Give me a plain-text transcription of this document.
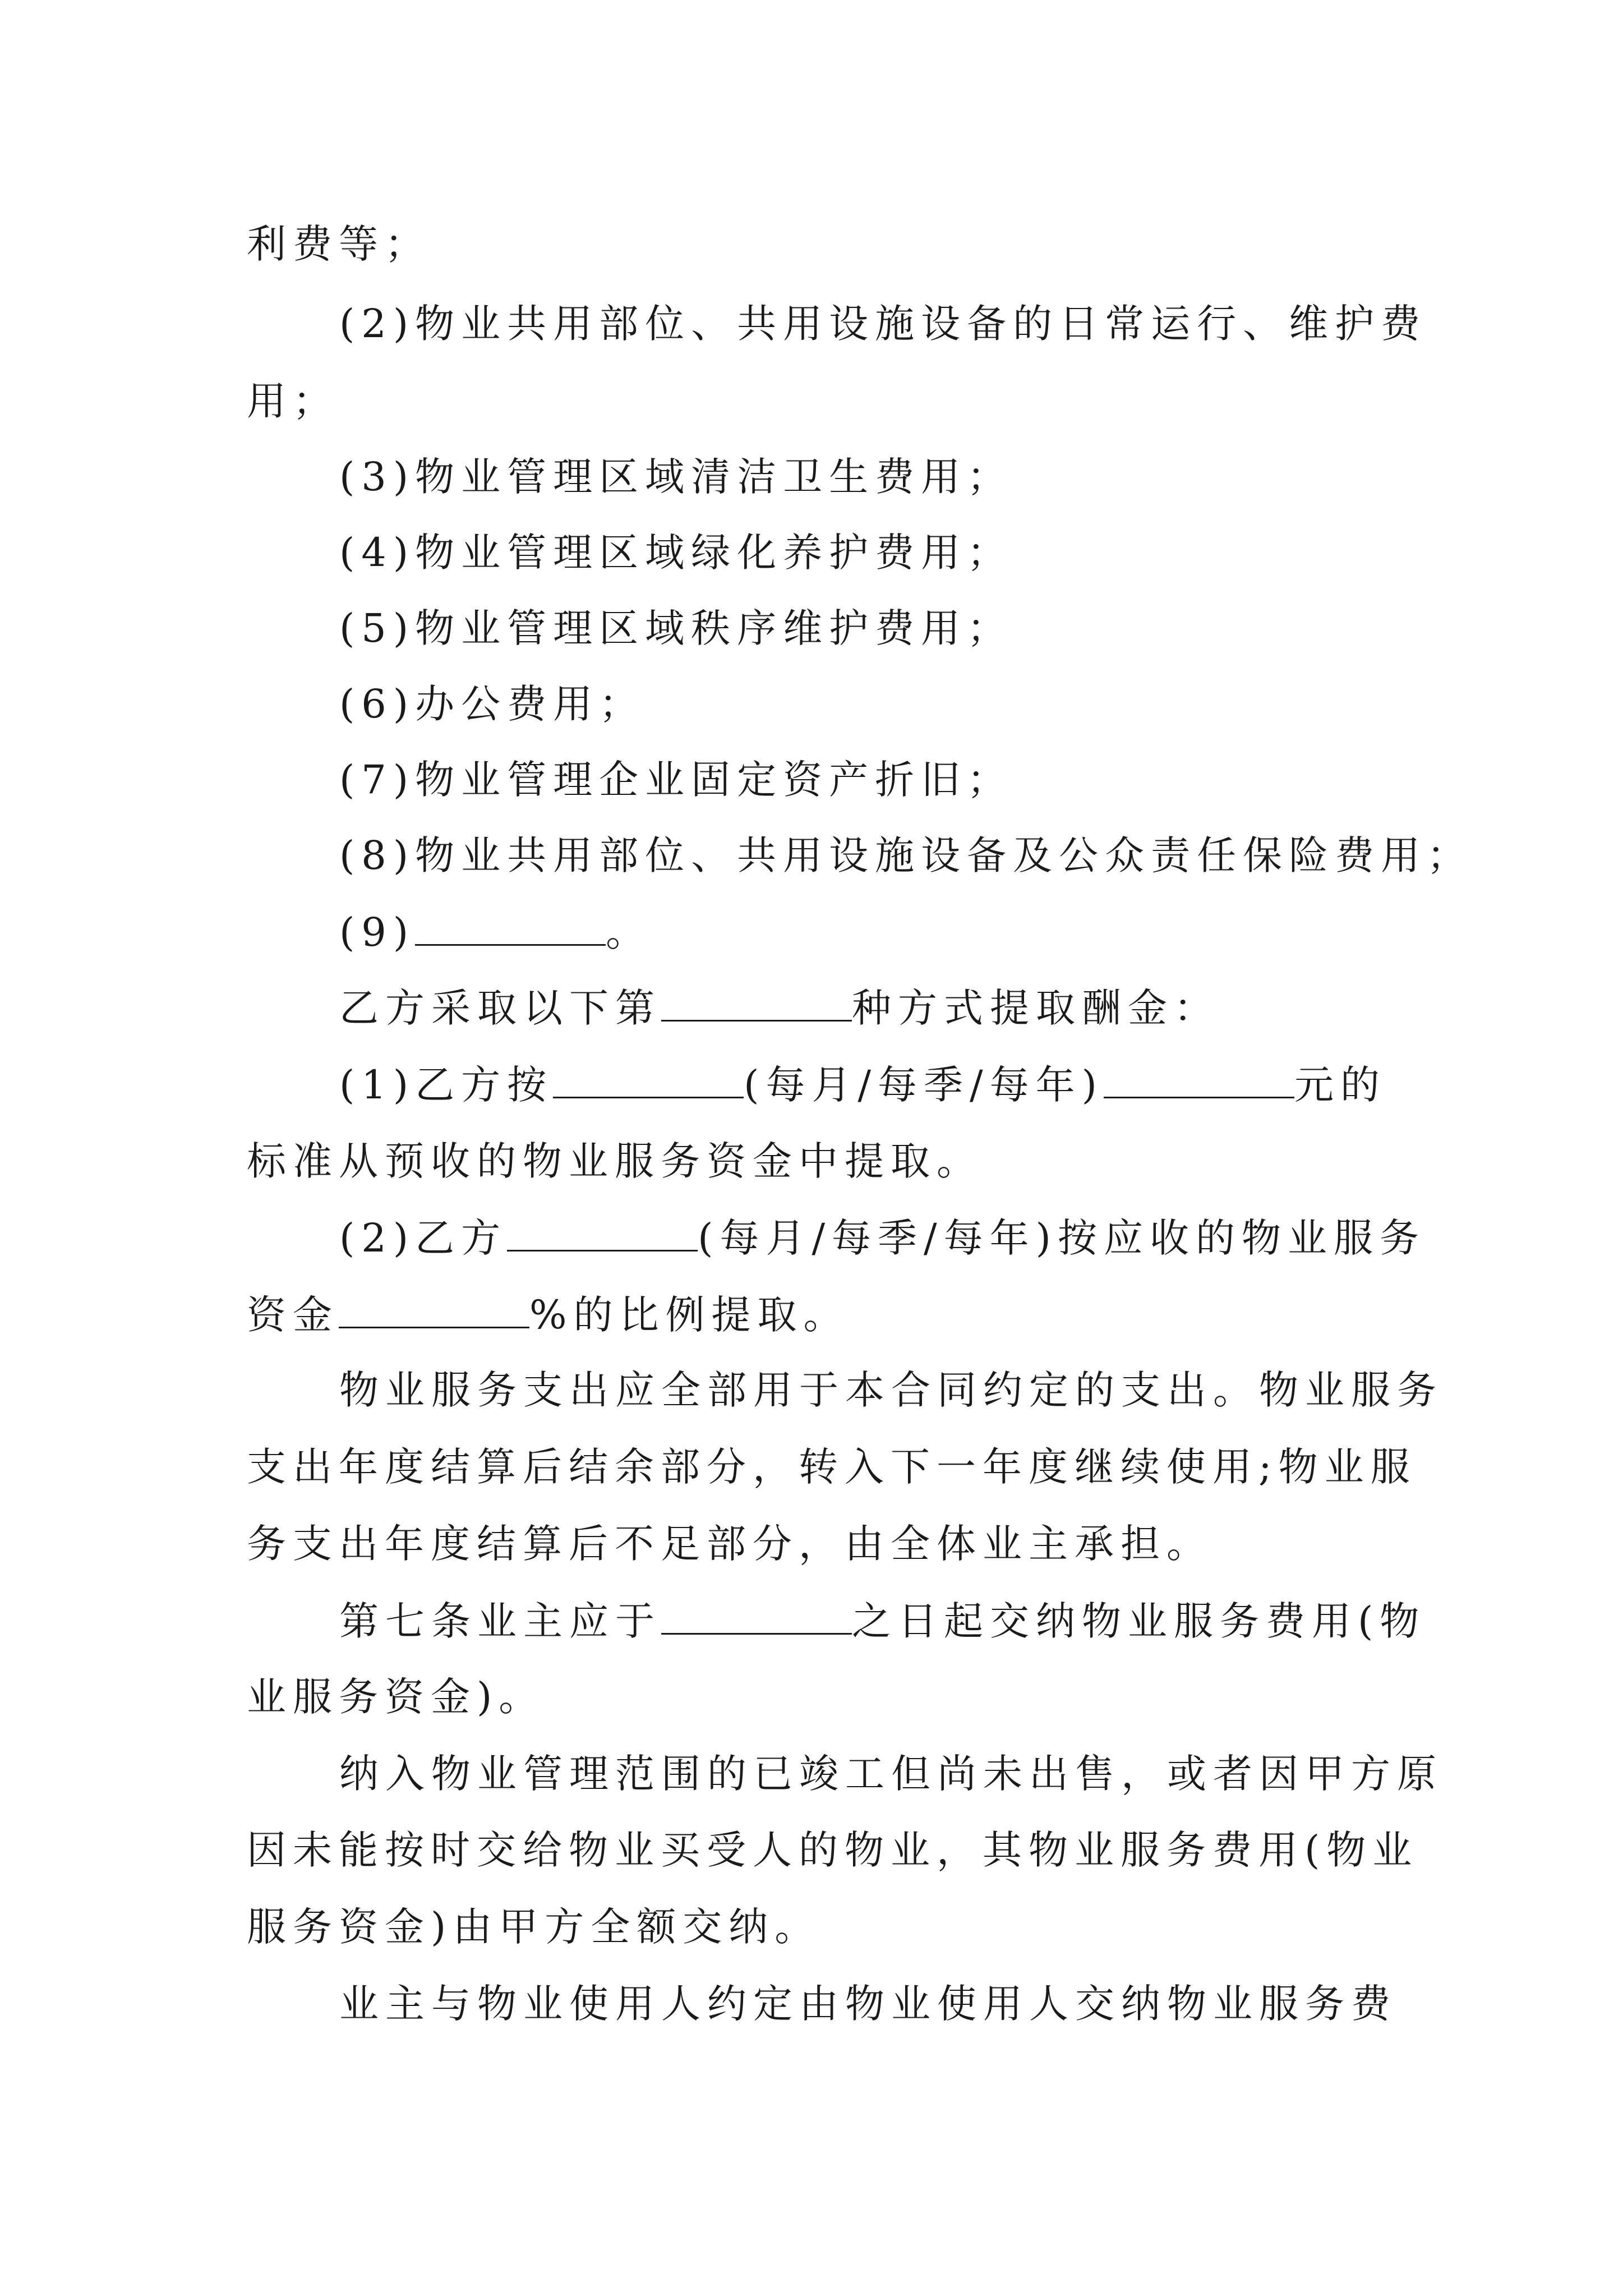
利费等；
(2)物业共用部位、共用设施设备的日常运行、维护费
用；
(3)物业管理区域清洁卫生费用；
(4)物业管理区域绿化养护费用；
(5)物业管理区域秩序维护费用；
(6)办公费用；
(7)物业管理企业固定资产折旧；
(8)物业共用部位、共用设施设备及公众责任保险费用；
(9)	。
乙方采取以下第	种方式提取酬金：
(1)乙方按	(每月/每季/每年)	元的
标准从预收的物业服务资金中提取。
(2)乙方	(每月/每季/每年)按应收的物业服务
资金	%的比例提取。
物业服务支出应全部用于本合同约定的支出。物业服务
支出年度结算后结余部分，转入下一年度继续使用;物业服
务支出年度结算后不足部分，由全体业主承担。
第七条业主应于	之日起交纳物业服务费用(物
业服务资金)。
纳入物业管理范围的已竣工但尚未出售，或者因甲方原
因未能按时交给物业买受人的物业，其物业服务费用(物业
服务资金)由甲方全额交纳。
业主与物业使用人约定由物业使用人交纳物业服务费
